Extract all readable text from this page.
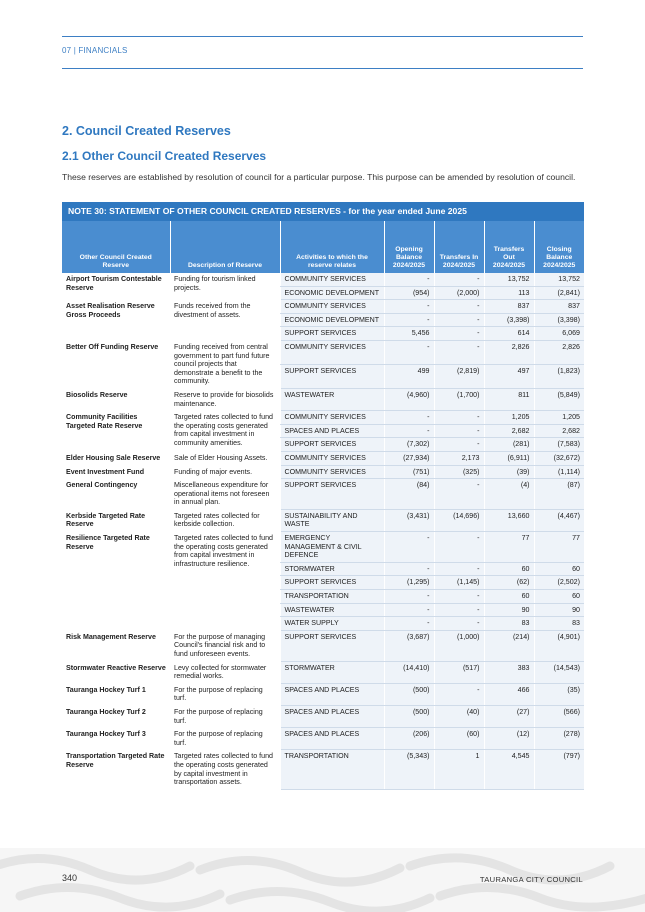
07 | FINANCIALS
2. Council Created Reserves
2.1 Other Council Created Reserves

These reserves are established by resolution of council for a particular purpose. This purpose can be amended by resolution of council.

NOTE 30: STATEMENT OF OTHER COUNCIL CREATED RESERVES - for the year ended June 2025
Other Council Created Reserve	Description of Reserve	Activities to which the reserve relates	Opening Balance 2024/2025	Transfers In 2024/2025	Transfers Out 2024/2025	Closing Balance 2024/2025
Airport Tourism Contestable Reserve	Funding for tourism linked projects.	COMMUNITY SERVICES	-	-	13,752	13,752
		ECONOMIC DEVELOPMENT	(954)	(2,000)	113	(2,841)
Asset Realisation Reserve Gross Proceeds	Funds received from the divestment of assets.	COMMUNITY SERVICES	-	-	837	837
		ECONOMIC DEVELOPMENT	-	-	(3,398)	(3,398)
		SUPPORT SERVICES	5,456	-	614	6,069
Better Off Funding Reserve	Funding received from central government to part fund future council projects that demonstrate a benefit to the community.	COMMUNITY SERVICES	-	-	2,826	2,826
		SUPPORT SERVICES	499	(2,819)	497	(1,823)
Biosolids Reserve	Reserve to provide for biosolids maintenance.	WASTEWATER	(4,960)	(1,700)	811	(5,849)
Community Facilities Targeted Rate Reserve	Targeted rates collected to fund the operating costs generated from capital investment in community amenities.	COMMUNITY SERVICES	-	-	1,205	1,205
		SPACES AND PLACES	-	-	2,682	2,682
		SUPPORT SERVICES	(7,302)	-	(281)	(7,583)
Elder Housing Sale Reserve	Sale of Elder Housing Assets.	COMMUNITY SERVICES	(27,934)	2,173	(6,911)	(32,672)
Event Investment Fund	Funding of major events.	COMMUNITY SERVICES	(751)	(325)	(39)	(1,114)
General Contingency	Miscellaneous expenditure for operational items not foreseen in annual plan.	SUPPORT SERVICES	(84)	-	(4)	(87)
Kerbside Targeted Rate Reserve	Targeted rates collected for kerbside collection.	SUSTAINABILITY AND WASTE	(3,431)	(14,696)	13,660	(4,467)
Resilience Targeted Rate Reserve	Targeted rates collected to fund the operating costs generated from capital investment in infrastructure resilience.	EMERGENCY MANAGEMENT & CIVIL DEFENCE	-	-	77	77
		STORMWATER	-	-	60	60
		SUPPORT SERVICES	(1,295)	(1,145)	(62)	(2,502)
		TRANSPORTATION	-	-	60	60
		WASTEWATER	-	-	90	90
		WATER SUPPLY	-	-	83	83
Risk Management Reserve	For the purpose of managing Council's financial risk and to fund unforeseen events.	SUPPORT SERVICES	(3,687)	(1,000)	(214)	(4,901)
Stormwater Reactive Reserve	Levy collected for stormwater remedial works.	STORMWATER	(14,410)	(517)	383	(14,543)
Tauranga Hockey Turf 1	For the purpose of replacing turf.	SPACES AND PLACES	(500)	-	466	(35)
Tauranga Hockey Turf 2	For the purpose of replacing turf.	SPACES AND PLACES	(500)	(40)	(27)	(566)
Tauranga Hockey Turf 3	For the purpose of replacing turf.	SPACES AND PLACES	(206)	(60)	(12)	(278)
Transportation Targeted Rate Reserve	Targeted rates collected to fund the operating costs generated by capital investment in transportation assets.	TRANSPORTATION	(5,343)	1	4,545	(797)
340	TAURANGA CITY COUNCIL
